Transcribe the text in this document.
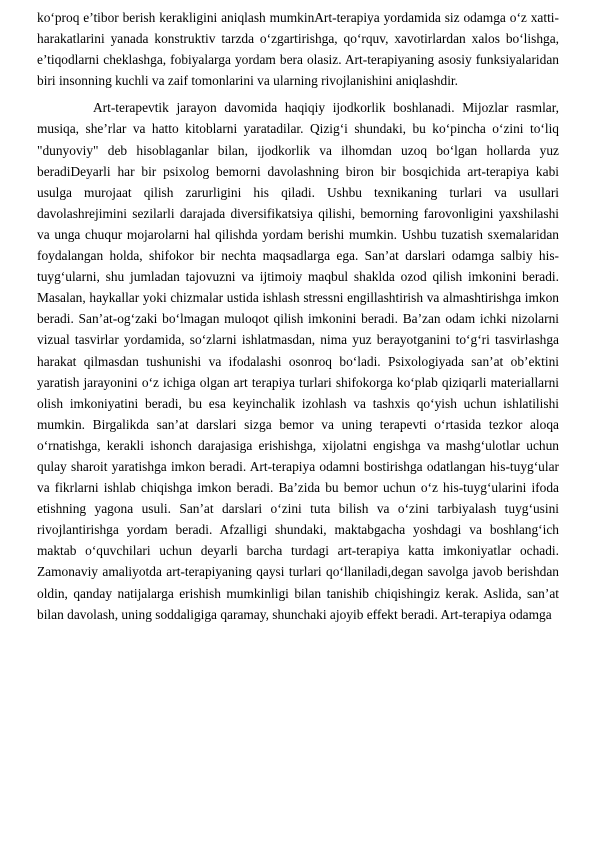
ko‘proq e’tibor berish kerakligini aniqlash mumkinArt-terapiya yordamida siz odamga o‘z xatti-harakatlarini yanada konstruktiv tarzda o‘zgartirishga, qo‘rquv, xavotirlardan xalos bo‘lishga, e’tiqodlarni cheklashga, fobiyalarga yordam bera olasiz. Art-terapiyaning asosiy funksiyalaridan biri insonning kuchli va zaif tomonlarini va ularning rivojlanishini aniqlashdir.

Art-terapevtik jarayon davomida haqiqiy ijodkorlik boshlanadi. Mijozlar rasmlar, musiqa, she’rlar va hatto kitoblarni yaratadilar. Qizig‘i shundaki, bu ko‘pincha o‘zini to‘liq "dunyoviy" deb hisoblaganlar bilan, ijodkorlik va ilhomdan uzoq bo‘lgan hollarda yuz beradiDeyarli har bir psixolog bemorni davolashning biron bir bosqichida art-terapiya kabi usulga murojaat qilish zarurligini his qiladi. Ushbu texnikaning turlari va usullari davolashrejimini sezilarli darajada diversifikatsiya qilishi, bemorning farovonligini yaxshilashi va unga chuqur mojarolarni hal qilishda yordam berishi mumkin. Ushbu tuzatish sxemalaridan foydalangan holda, shifokor bir nechta maqsadlarga ega. San’at darslari odamga salbiy his-tuyg‘ularni, shu jumladan tajovuzni va ijtimoiy maqbul shaklda ozod qilish imkonini beradi. Masalan, haykallar yoki chizmalar ustida ishlash stressni engillashtirish va almashtirishga imkon beradi. San’at-og‘zaki bo‘lmagan muloqot qilish imkonini beradi. Ba’zan odam ichki nizolarni vizual tasvirlar yordamida, so‘zlarni ishlatmasdan, nima yuz berayotganini to‘g‘ri tasvirlashga harakat qilmasdan tushunishi va ifodalashi osonroq bo‘ladi. Psixologiyada san’at ob’ektini yaratish jarayonini o‘z ichiga olgan art terapiya turlari shifokorga ko‘plab qiziqarli materiallarni olish imkoniyatini beradi, bu esa keyinchalik izohlash va tashxis qo‘yish uchun ishlatilishi mumkin. Birgalikda san’at darslari sizga bemor va uning terapevti o‘rtasida tezkor aloqa o‘rnatishga, kerakli ishonch darajasiga erishishga, xijolatni engishga va mashg‘ulotlar uchun qulay sharoit yaratishga imkon beradi. Art-terapiya odamni bostirishga odatlangan his-tuyg‘ular va fikrlarni ishlab chiqishga imkon beradi. Ba’zida bu bemor uchun o‘z his-tuyg‘ularini ifoda etishning yagona usuli. San’at darslari o‘zini tuta bilish va o‘zini tarbiyalash tuyg‘usini rivojlantirishga yordam beradi. Afzalligi shundaki, maktabgacha yoshdagi va boshlang‘ich maktab o‘quvchilari uchun deyarli barcha turdagi art-terapiya katta imkoniyatlar ochadi. Zamonaviy amaliyotda art-terapiyaning qaysi turlari qo‘llaniladi,degan savolga javob berishdan oldin, qanday natijalarga erishish mumkinligi bilan tanishib chiqishingiz kerak. Aslida, san’at bilan davolash, uning soddaligiga qaramay, shunchaki ajoyib effekt beradi. Art-terapiya odamga
